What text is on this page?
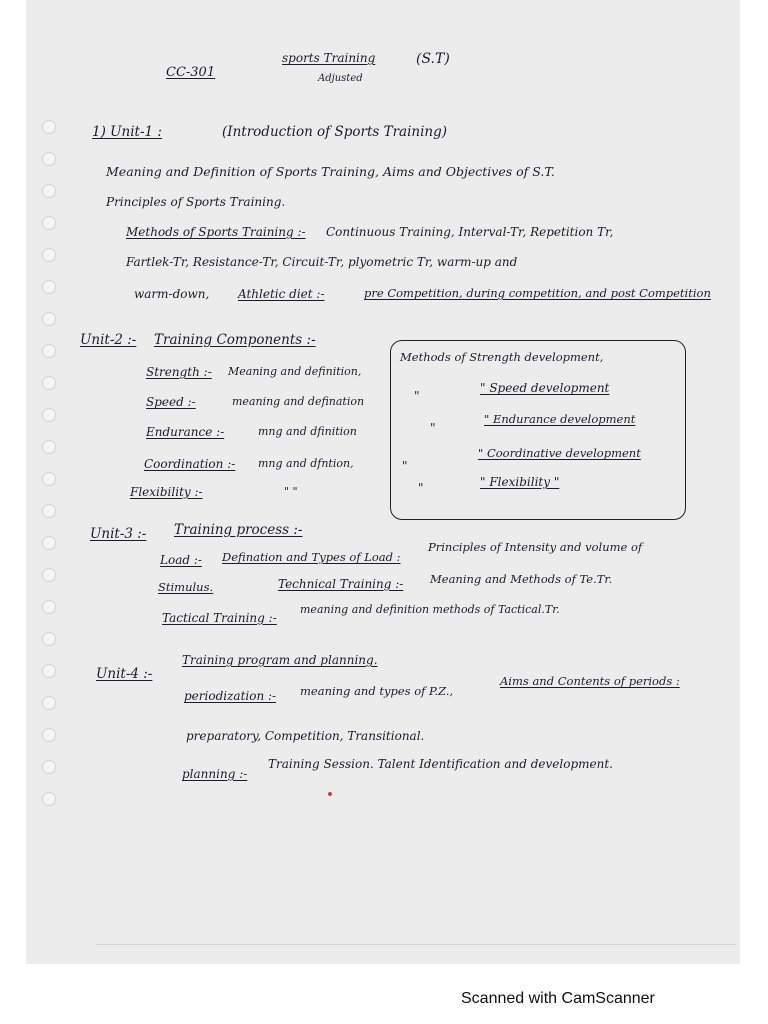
CC-301
sports Training	(S.T)
Adjusted
1) Unit-1 :	(Introduction of Sports Training)
Meaning and Definition of Sports Training, Aims and Objectives of S.T.
Principles of Sports Training.
Methods of Sports Training :- Continuous Training, Interval-Tr, Repetition Tr,
Fartlek-Tr, Resistance-Tr, Circuit-Tr, plyometric Tr, warm-up and
warm-down, Athletic diet :-	pre Competition, during competition, and post Competition
Unit-2 :- Training Components :-
Strength :- Meaning and definition,
Speed :-	meaning and defination
Endurance :-	mng and dfinition
Coordination :- mng and dfntion,
Flexibility :-	" "
Methods of Strength development,
"
" Speed development
"
" Endurance development
"
" Coordinative development
"	" Flexibility "
Unit-3 :- Training process :-
Load :- Defination and Types of Load :
Principles of Intensity and volume of
Stimulus.	Technical Training :- Meaning and Methods of Te.Tr.
Tactical Training :-
meaning and definition methods of Tactical.Tr.
Unit-4 :-
Training program and planning.
periodization :- meaning and types of P.Z.,
Aims and Contents of periods :
preparatory, Competition, Transitional.
planning :-
Training Session. Talent Identification and development.
Scanned with CamScanner
